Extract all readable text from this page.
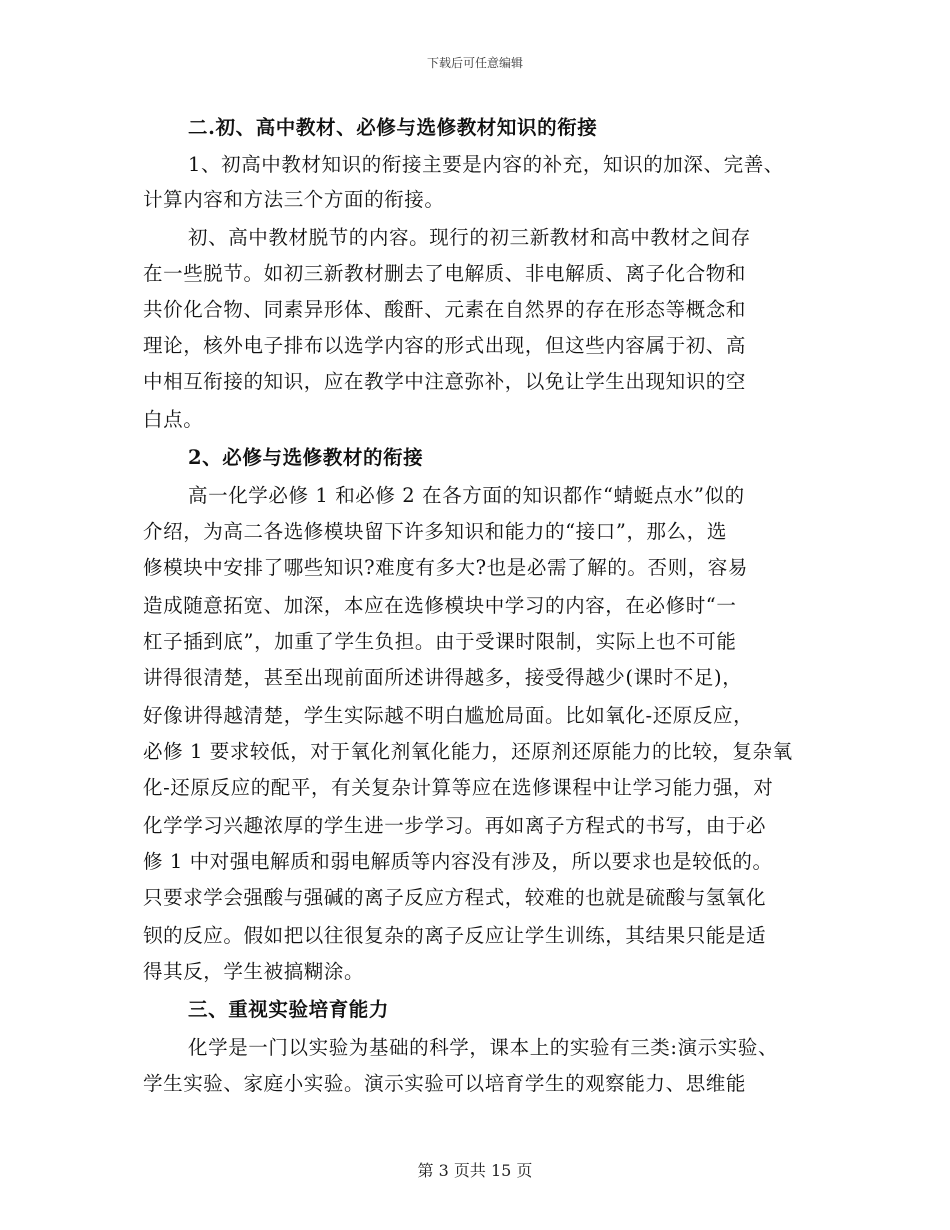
下载后可任意编辑
二.初、高中教材、必修与选修教材知识的衔接
1、初高中教材知识的衔接主要是内容的补充，知识的加深、完善、
计算内容和方法三个方面的衔接。
初、高中教材脱节的内容。现行的初三新教材和高中教材之间存
在一些脱节。如初三新教材删去了电解质、非电解质、离子化合物和
共价化合物、同素异形体、酸酐、元素在自然界的存在形态等概念和
理论，核外电子排布以选学内容的形式出现，但这些内容属于初、高
中相互衔接的知识，应在教学中注意弥补，以免让学生出现知识的空
白点。
2、必修与选修教材的衔接
高一化学必修 1 和必修 2 在各方面的知识都作“蜻蜓点水”似的
介绍，为高二各选修模块留下许多知识和能力的“接口”，那么，选
修模块中安排了哪些知识?难度有多大?也是必需了解的。否则，容易
造成随意拓宽、加深，本应在选修模块中学习的内容，在必修时“一
杠子插到底”，加重了学生负担。由于受课时限制，实际上也不可能
讲得很清楚，甚至出现前面所述讲得越多，接受得越少(课时不足)，
好像讲得越清楚，学生实际越不明白尴尬局面。比如氧化-还原反应，
必修 1 要求较低，对于氧化剂氧化能力，还原剂还原能力的比较，复杂氧
化-还原反应的配平，有关复杂计算等应在选修课程中让学习能力强，对
化学学习兴趣浓厚的学生进一步学习。再如离子方程式的书写，由于必
修 1 中对强电解质和弱电解质等内容没有涉及，所以要求也是较低的。
只要求学会强酸与强碱的离子反应方程式，较难的也就是硫酸与氢氧化
钡的反应。假如把以往很复杂的离子反应让学生训练，其结果只能是适
得其反，学生被搞糊涂。
三、重视实验培育能力
化学是一门以实验为基础的科学，课本上的实验有三类:演示实验、
学生实验、家庭小实验。演示实验可以培育学生的观察能力、思维能
第 3 页共 15 页
